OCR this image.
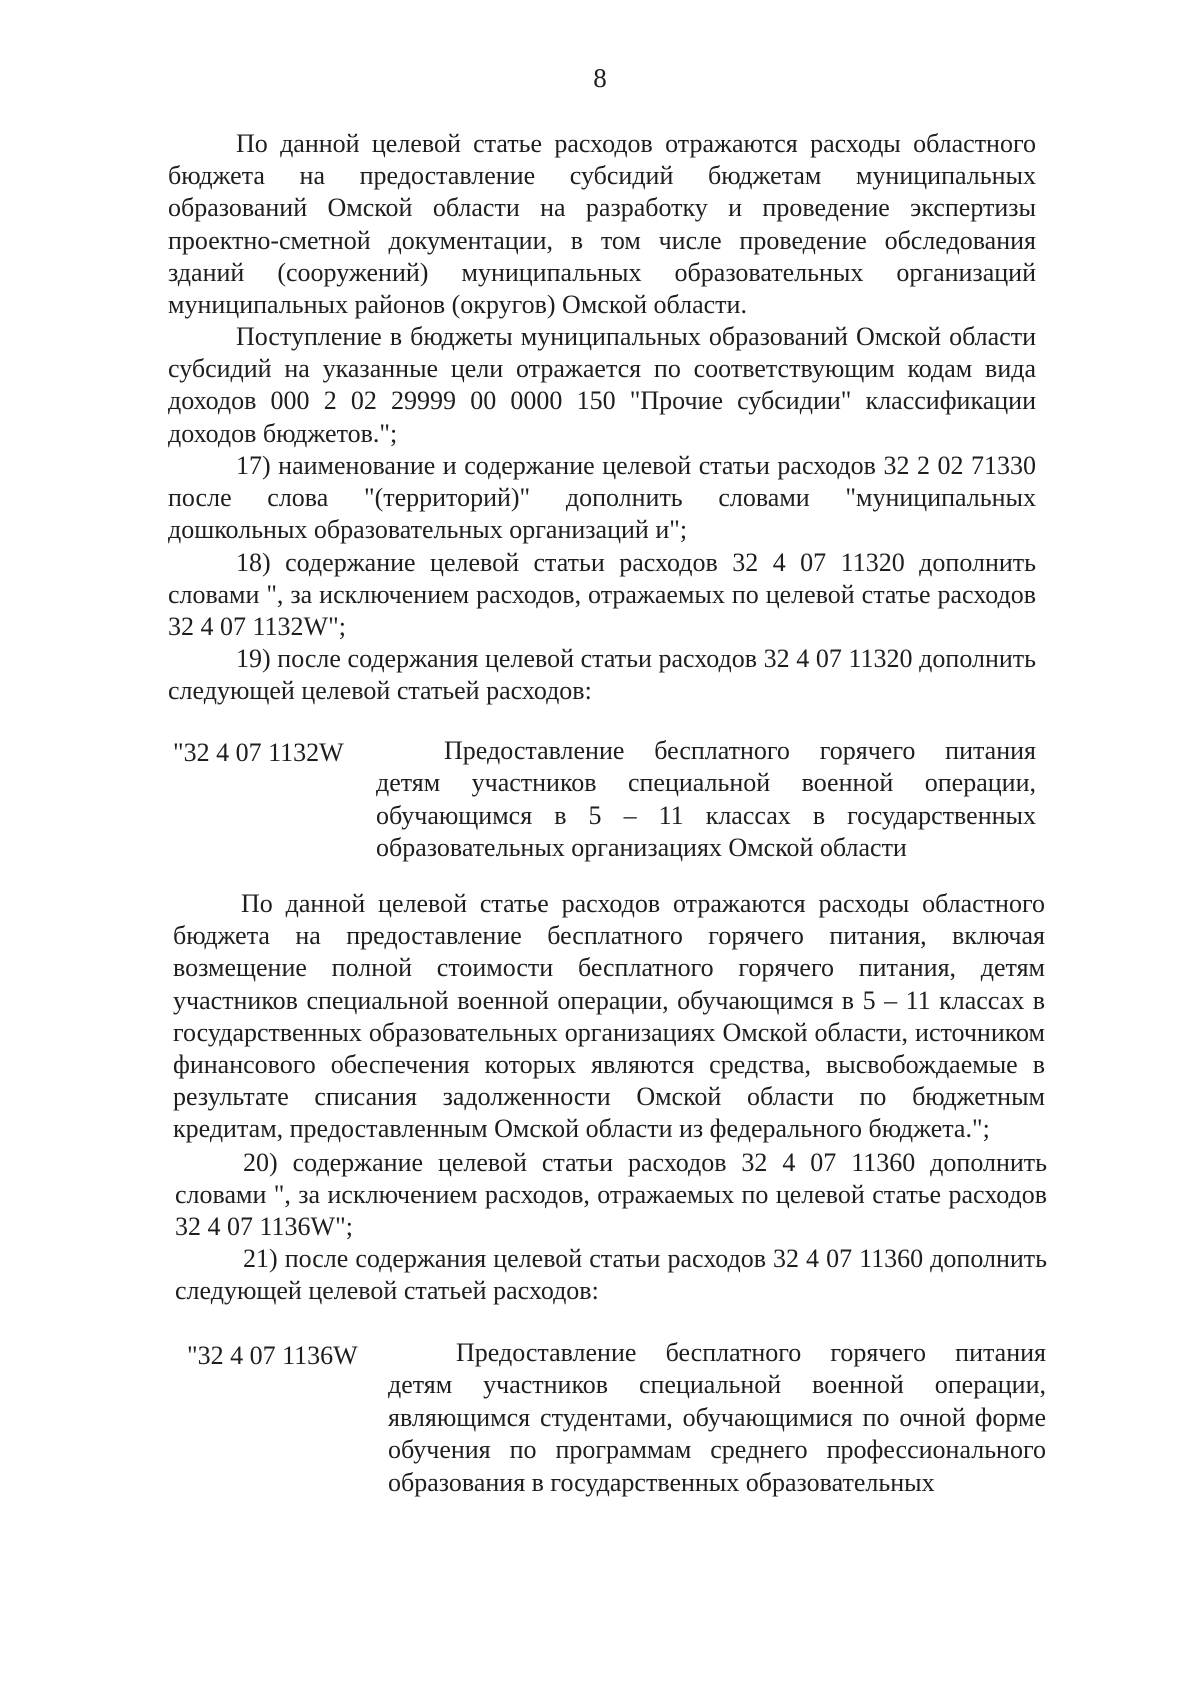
8

По данной целевой статье расходов отражаются расходы областного бюджета на предоставление субсидий бюджетам муниципальных образований Омской области на разработку и проведение экспертизы проектно-сметной документации, в том числе проведение обследования зданий (сооружений) муниципальных образовательных организаций муниципальных районов (округов) Омской области.

Поступление в бюджеты муниципальных образований Омской области субсидий на указанные цели отражается по соответствующим кодам вида доходов 000 2 02 29999 00 0000 150 "Прочие субсидии" классификации доходов бюджетов.";

17) наименование и содержание целевой статьи расходов 32 2 02 71330 после слова "(территорий)" дополнить словами "муниципальных дошкольных образовательных организаций и";

18) содержание целевой статьи расходов 32 4 07 11320 дополнить словами ", за исключением расходов, отражаемых по целевой статье расходов 32 4 07 1132W";

19) после содержания целевой статьи расходов 32 4 07 11320 дополнить следующей целевой статьей расходов:

"32 4 07 1132W	Предоставление бесплатного горячего питания детям участников специальной военной операции, обучающимся в 5 – 11 классах в государственных образовательных организациях Омской области

По данной целевой статье расходов отражаются расходы областного бюджета на предоставление бесплатного горячего питания, включая возмещение полной стоимости бесплатного горячего питания, детям участников специальной военной операции, обучающимся в 5 – 11 классах в государственных образовательных организациях Омской области, источником финансового обеспечения которых являются средства, высвобождаемые в результате списания задолженности Омской области по бюджетным кредитам, предоставленным Омской области из федерального бюджета.";

20) содержание целевой статьи расходов 32 4 07 11360 дополнить словами ", за исключением расходов, отражаемых по целевой статье расходов 32 4 07 1136W";

21) после содержания целевой статьи расходов 32 4 07 11360 дополнить следующей целевой статьей расходов:

"32 4 07 1136W	Предоставление бесплатного горячего питания детям участников специальной военной операции, являющимся студентами, обучающимися по очной форме обучения по программам среднего профессионального образования в государственных образовательных
